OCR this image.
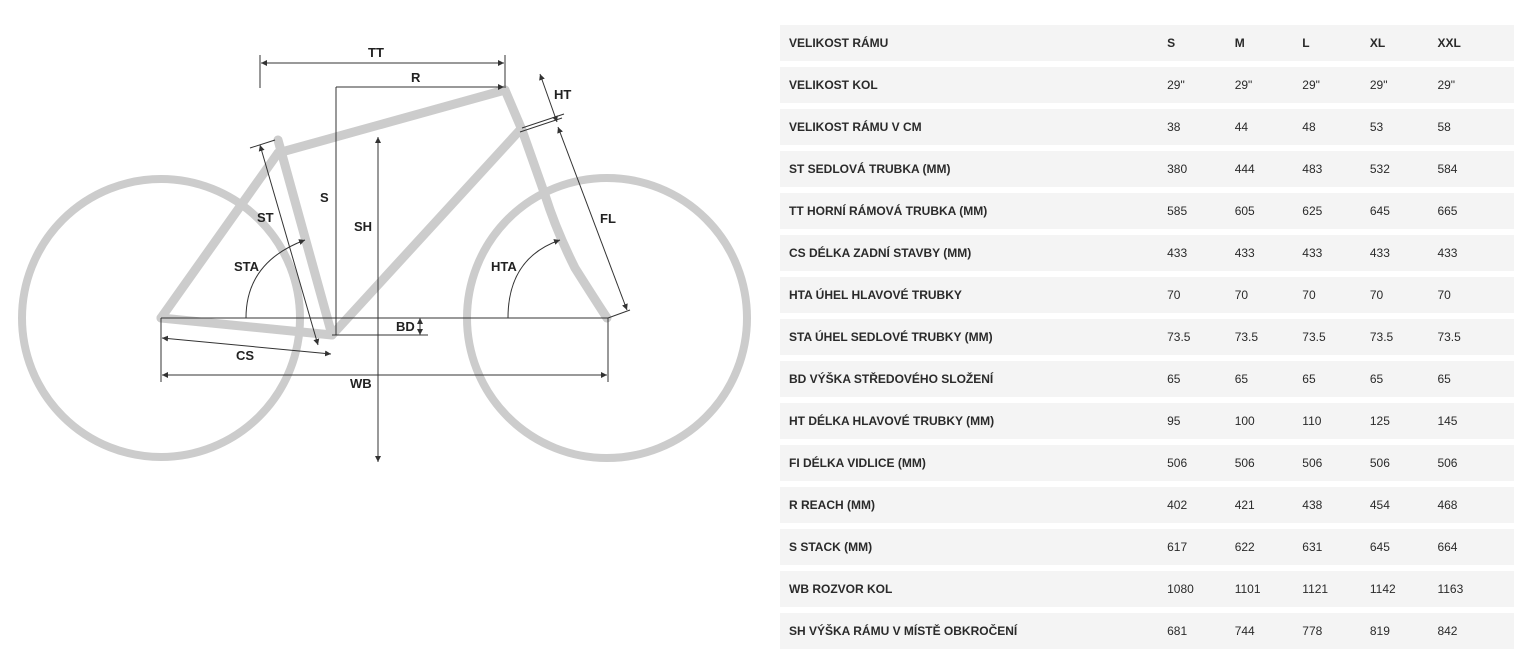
TT
R
S
SH
HT
FL
ST
STA	HTA
BD
CS
WB
VELIKOST RÁMU	S	M	L	XL	XXL
VELIKOST KOL	29"	29"	29"	29"	29"
VELIKOST RÁMU V CM	38	44	48	53	58
ST SEDLOVÁ TRUBKA (MM)	380	444	483	532	584
TT HORNÍ RÁMOVÁ TRUBKA (MM)	585	605	625	645	665
CS DÉLKA ZADNÍ STAVBY (MM)	433	433	433	433	433
HTA ÚHEL HLAVOVÉ TRUBKY	70	70	70	70	70
STA ÚHEL SEDLOVÉ TRUBKY (MM)	73.5	73.5	73.5	73.5	73.5
BD VÝŠKA STŘEDOVÉHO SLOŽENÍ	65	65	65	65	65
HT DÉLKA HLAVOVÉ TRUBKY (MM)	95	100	110	125	145
FI DÉLKA VIDLICE (MM)	506	506	506	506	506
R REACH (MM)	402	421	438	454	468
S STACK (MM)	617	622	631	645	664
WB ROZVOR KOL	1080	1101	1121	1142	1163
SH VÝŠKA RÁMU V MÍSTĚ OBKROČENÍ	681	744	778	819	842
